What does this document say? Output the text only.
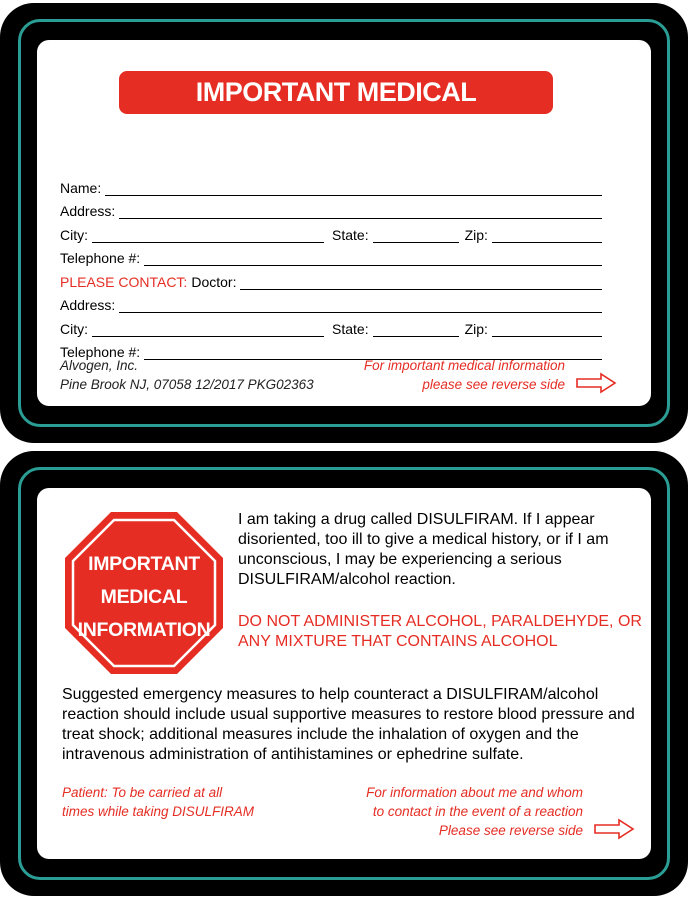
IMPORTANT MEDICAL INFORMATION
Name:
Address:
City:	State:	Zip:
Telephone #:
PLEASE CONTACT: Doctor:
Address:
City:	State:	Zip:
Telephone #:
Alvogen, Inc.
Pine Brook NJ, 07058 12/2017 PKG02363
For important medical information
please see reverse side
IMPORTANT
MEDICAL
INFORMATION
I am taking a drug called DISULFIRAM. If I appear disoriented, too ill to give a medical history, or if I am unconscious, I may be experiencing a serious DISULFIRAM/alcohol reaction.
DO NOT ADMINISTER ALCOHOL, PARALDEHYDE, OR ANY MIXTURE THAT CONTAINS ALCOHOL
Suggested emergency measures to help counteract a DISULFIRAM/alcohol reaction should include usual supportive measures to restore blood pressure and treat shock; additional measures include the inhalation of oxygen and the intravenous administration of antihistamines or ephedrine sulfate.
Patient: To be carried at all
times while taking DISULFIRAM
For information about me and whom
to contact in the event of a reaction
Please see reverse side
